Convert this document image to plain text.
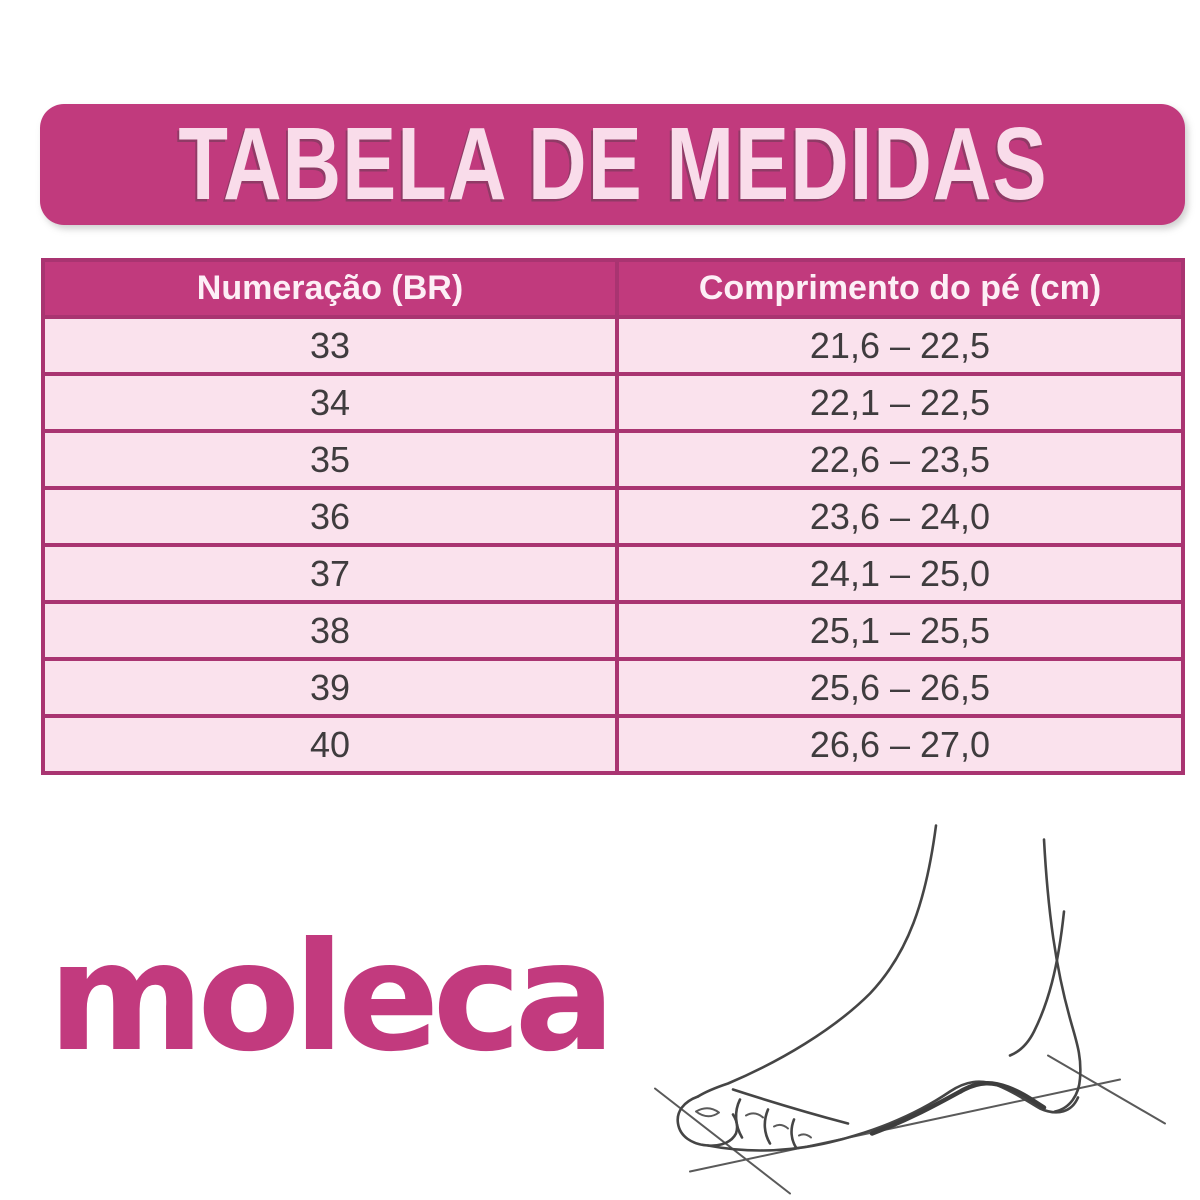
TABELA DE MEDIDAS
Numeração (BR)	Comprimento do pé (cm)
33	21,6 – 22,5
34	22,1 – 22,5
35	22,6 – 23,5
36	23,6 – 24,0
37	24,1 – 25,0
38	25,1 – 25,5
39	25,6 – 26,5
40	26,6 – 27,0
moleca
